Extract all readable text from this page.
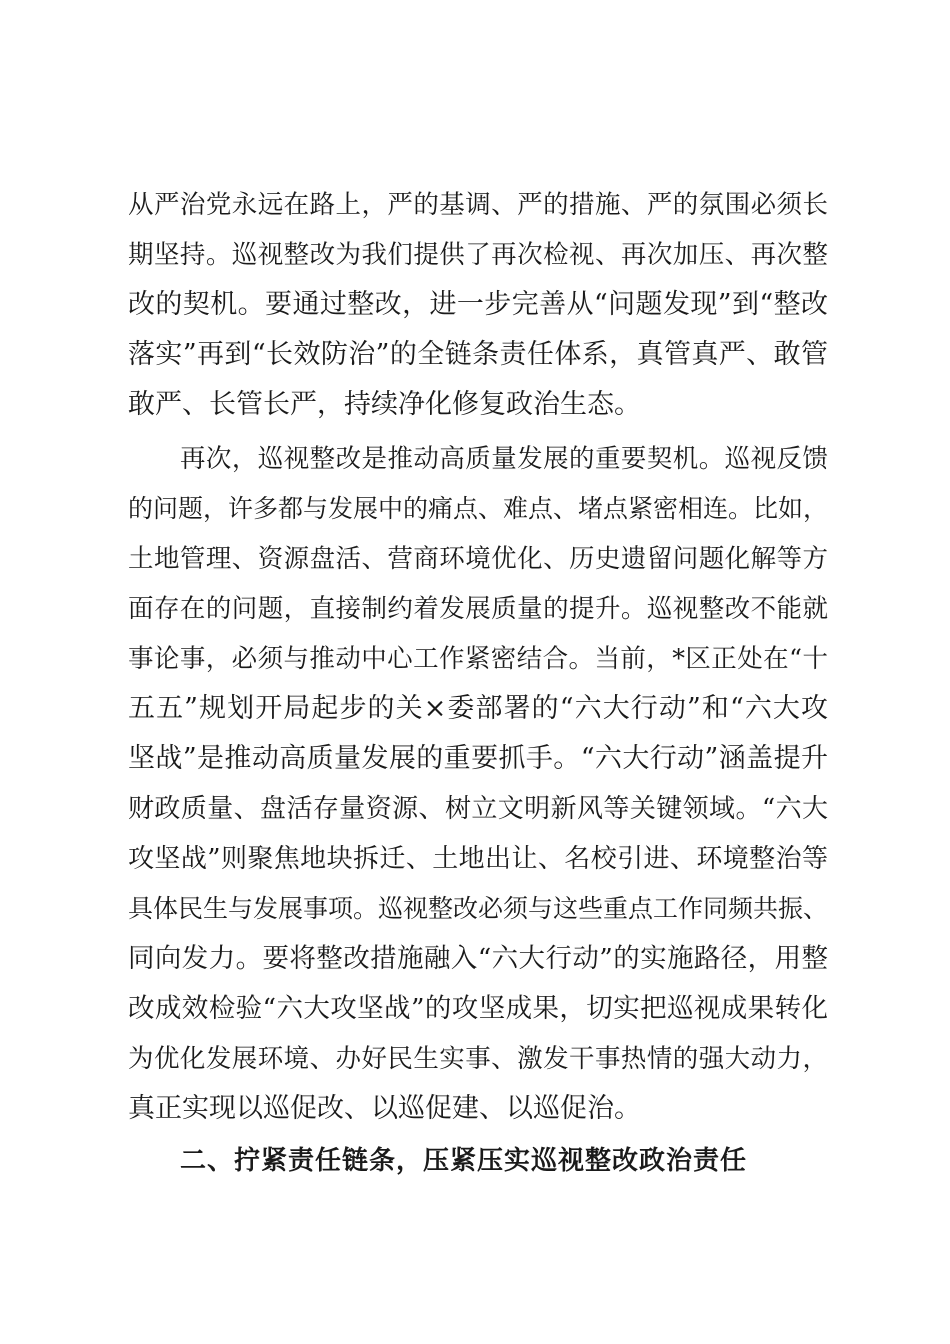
从严治党永远在路上，严的基调、严的措施、严的氛围必须长
期坚持。巡视整改为我们提供了再次检视、再次加压、再次整
改的契机。要通过整改，进一步完善从“问题发现”到“整改
落实”再到“长效防治”的全链条责任体系，真管真严、敢管
敢严、长管长严，持续净化修复政治生态。
再次，巡视整改是推动高质量发展的重要契机。巡视反馈
的问题，许多都与发展中的痛点、难点、堵点紧密相连。比如，
土地管理、资源盘活、营商环境优化、历史遗留问题化解等方
面存在的问题，直接制约着发展质量的提升。巡视整改不能就
事论事，必须与推动中心工作紧密结合。当前，*区正处在“十
五五”规划开局起步的关×委部署的“六大行动”和“六大攻
坚战”是推动高质量发展的重要抓手。“六大行动”涵盖提升
财政质量、盘活存量资源、树立文明新风等关键领域。“六大
攻坚战”则聚焦地块拆迁、土地出让、名校引进、环境整治等
具体民生与发展事项。巡视整改必须与这些重点工作同频共振、
同向发力。要将整改措施融入“六大行动”的实施路径，用整
改成效检验“六大攻坚战”的攻坚成果，切实把巡视成果转化
为优化发展环境、办好民生实事、激发干事热情的强大动力，
真正实现以巡促改、以巡促建、以巡促治。
二、拧紧责任链条，压紧压实巡视整改政治责任
